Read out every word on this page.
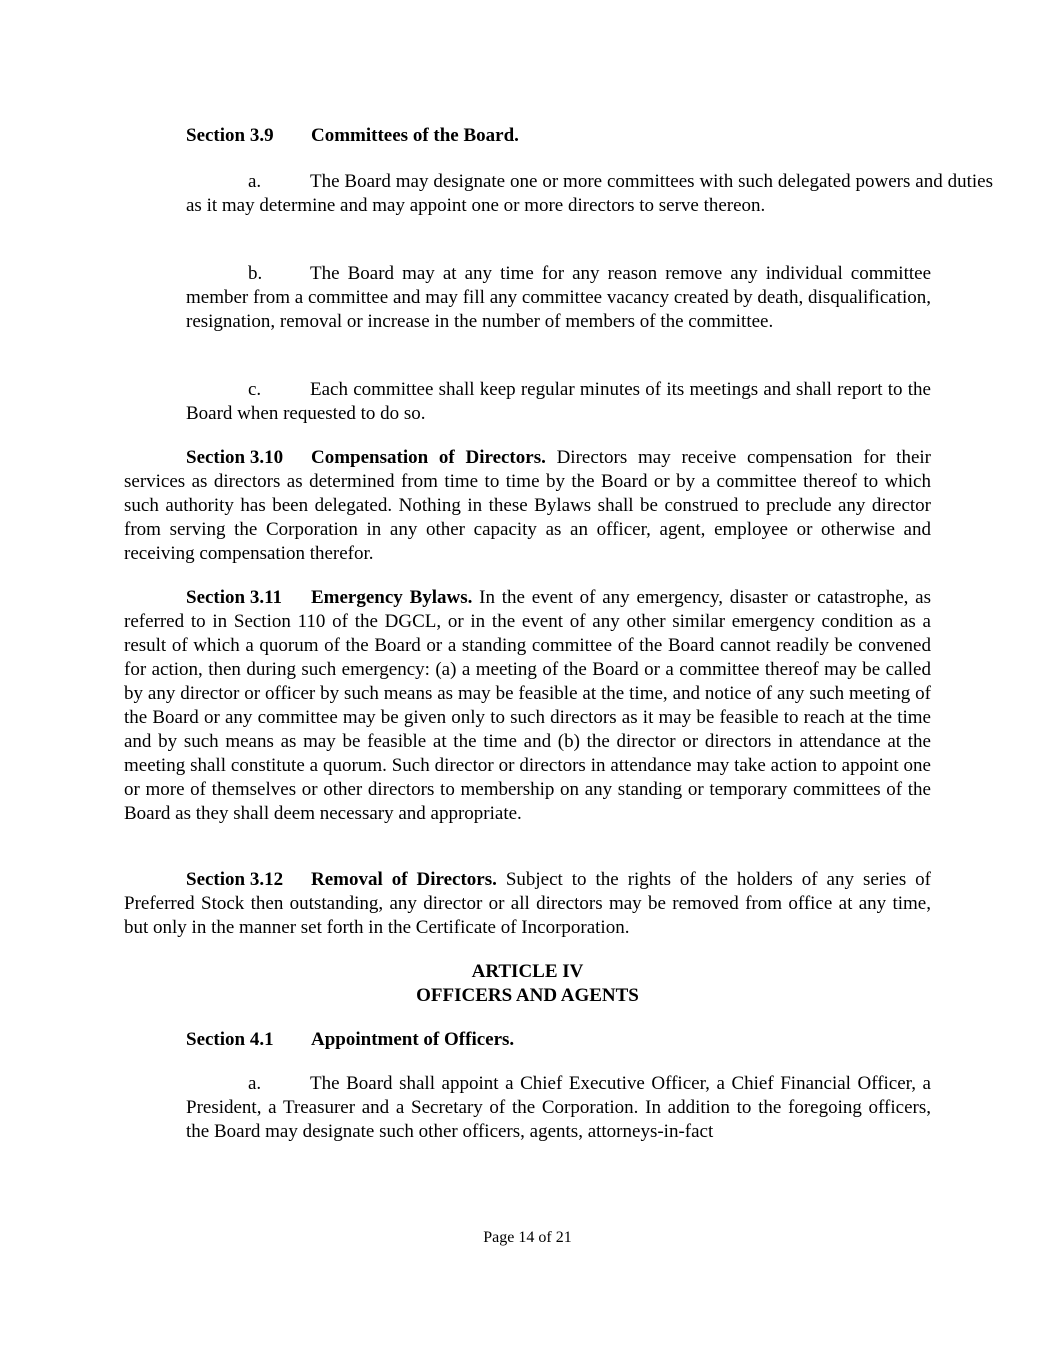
Section 3.9 Committees of the Board.

a.	The Board may designate one or more committees with such delegated powers and duties as it may determine and may appoint one or more directors to serve thereon.

b.	The Board may at any time for any reason remove any individual committee member from a committee and may fill any committee vacancy created by death, disqualification, resignation, removal or increase in the number of members of the committee.

c.	Each committee shall keep regular minutes of its meetings and shall report to the Board when requested to do so.

Section 3.10 Compensation of Directors. Directors may receive compensation for their services as directors as determined from time to time by the Board or by a committee thereof to which such authority has been delegated. Nothing in these Bylaws shall be construed to preclude any director from serving the Corporation in any other capacity as an officer, agent, employee or otherwise and receiving compensation therefor.
Section 3.11 Emergency Bylaws. In the event of any emergency, disaster or catastrophe, as referred to in Section 110 of the DGCL, or in the event of any other similar emergency condition as a result of which a quorum of the Board or a standing committee of the Board cannot readily be convened for action, then during such emergency: (a) a meeting of the Board or a committee thereof may be called by any director or officer by such means as may be feasible at the time, and notice of any such meeting of the Board or any committee may be given only to such directors as it may be feasible to reach at the time and by such means as may be feasible at the time and (b) the director or directors in attendance at the meeting shall constitute a quorum. Such director or directors in attendance may take action to appoint one or more of themselves or other directors to membership on any standing or temporary committees of the Board as they shall deem necessary and appropriate.
Section 3.12 Removal of Directors. Subject to the rights of the holders of any series of Preferred Stock then outstanding, any director or all directors may be removed from office at any time, but only in the manner set forth in the Certificate of Incorporation.
ARTICLE IV
OFFICERS AND AGENTS
Section 4.1 Appointment of Officers.

a.	The Board shall appoint a Chief Executive Officer, a Chief Financial Officer, a President, a Treasurer and a Secretary of the Corporation. In addition to the foregoing officers, the Board may designate such other officers, agents, attorneys-in-fact

Page 14 of 21
